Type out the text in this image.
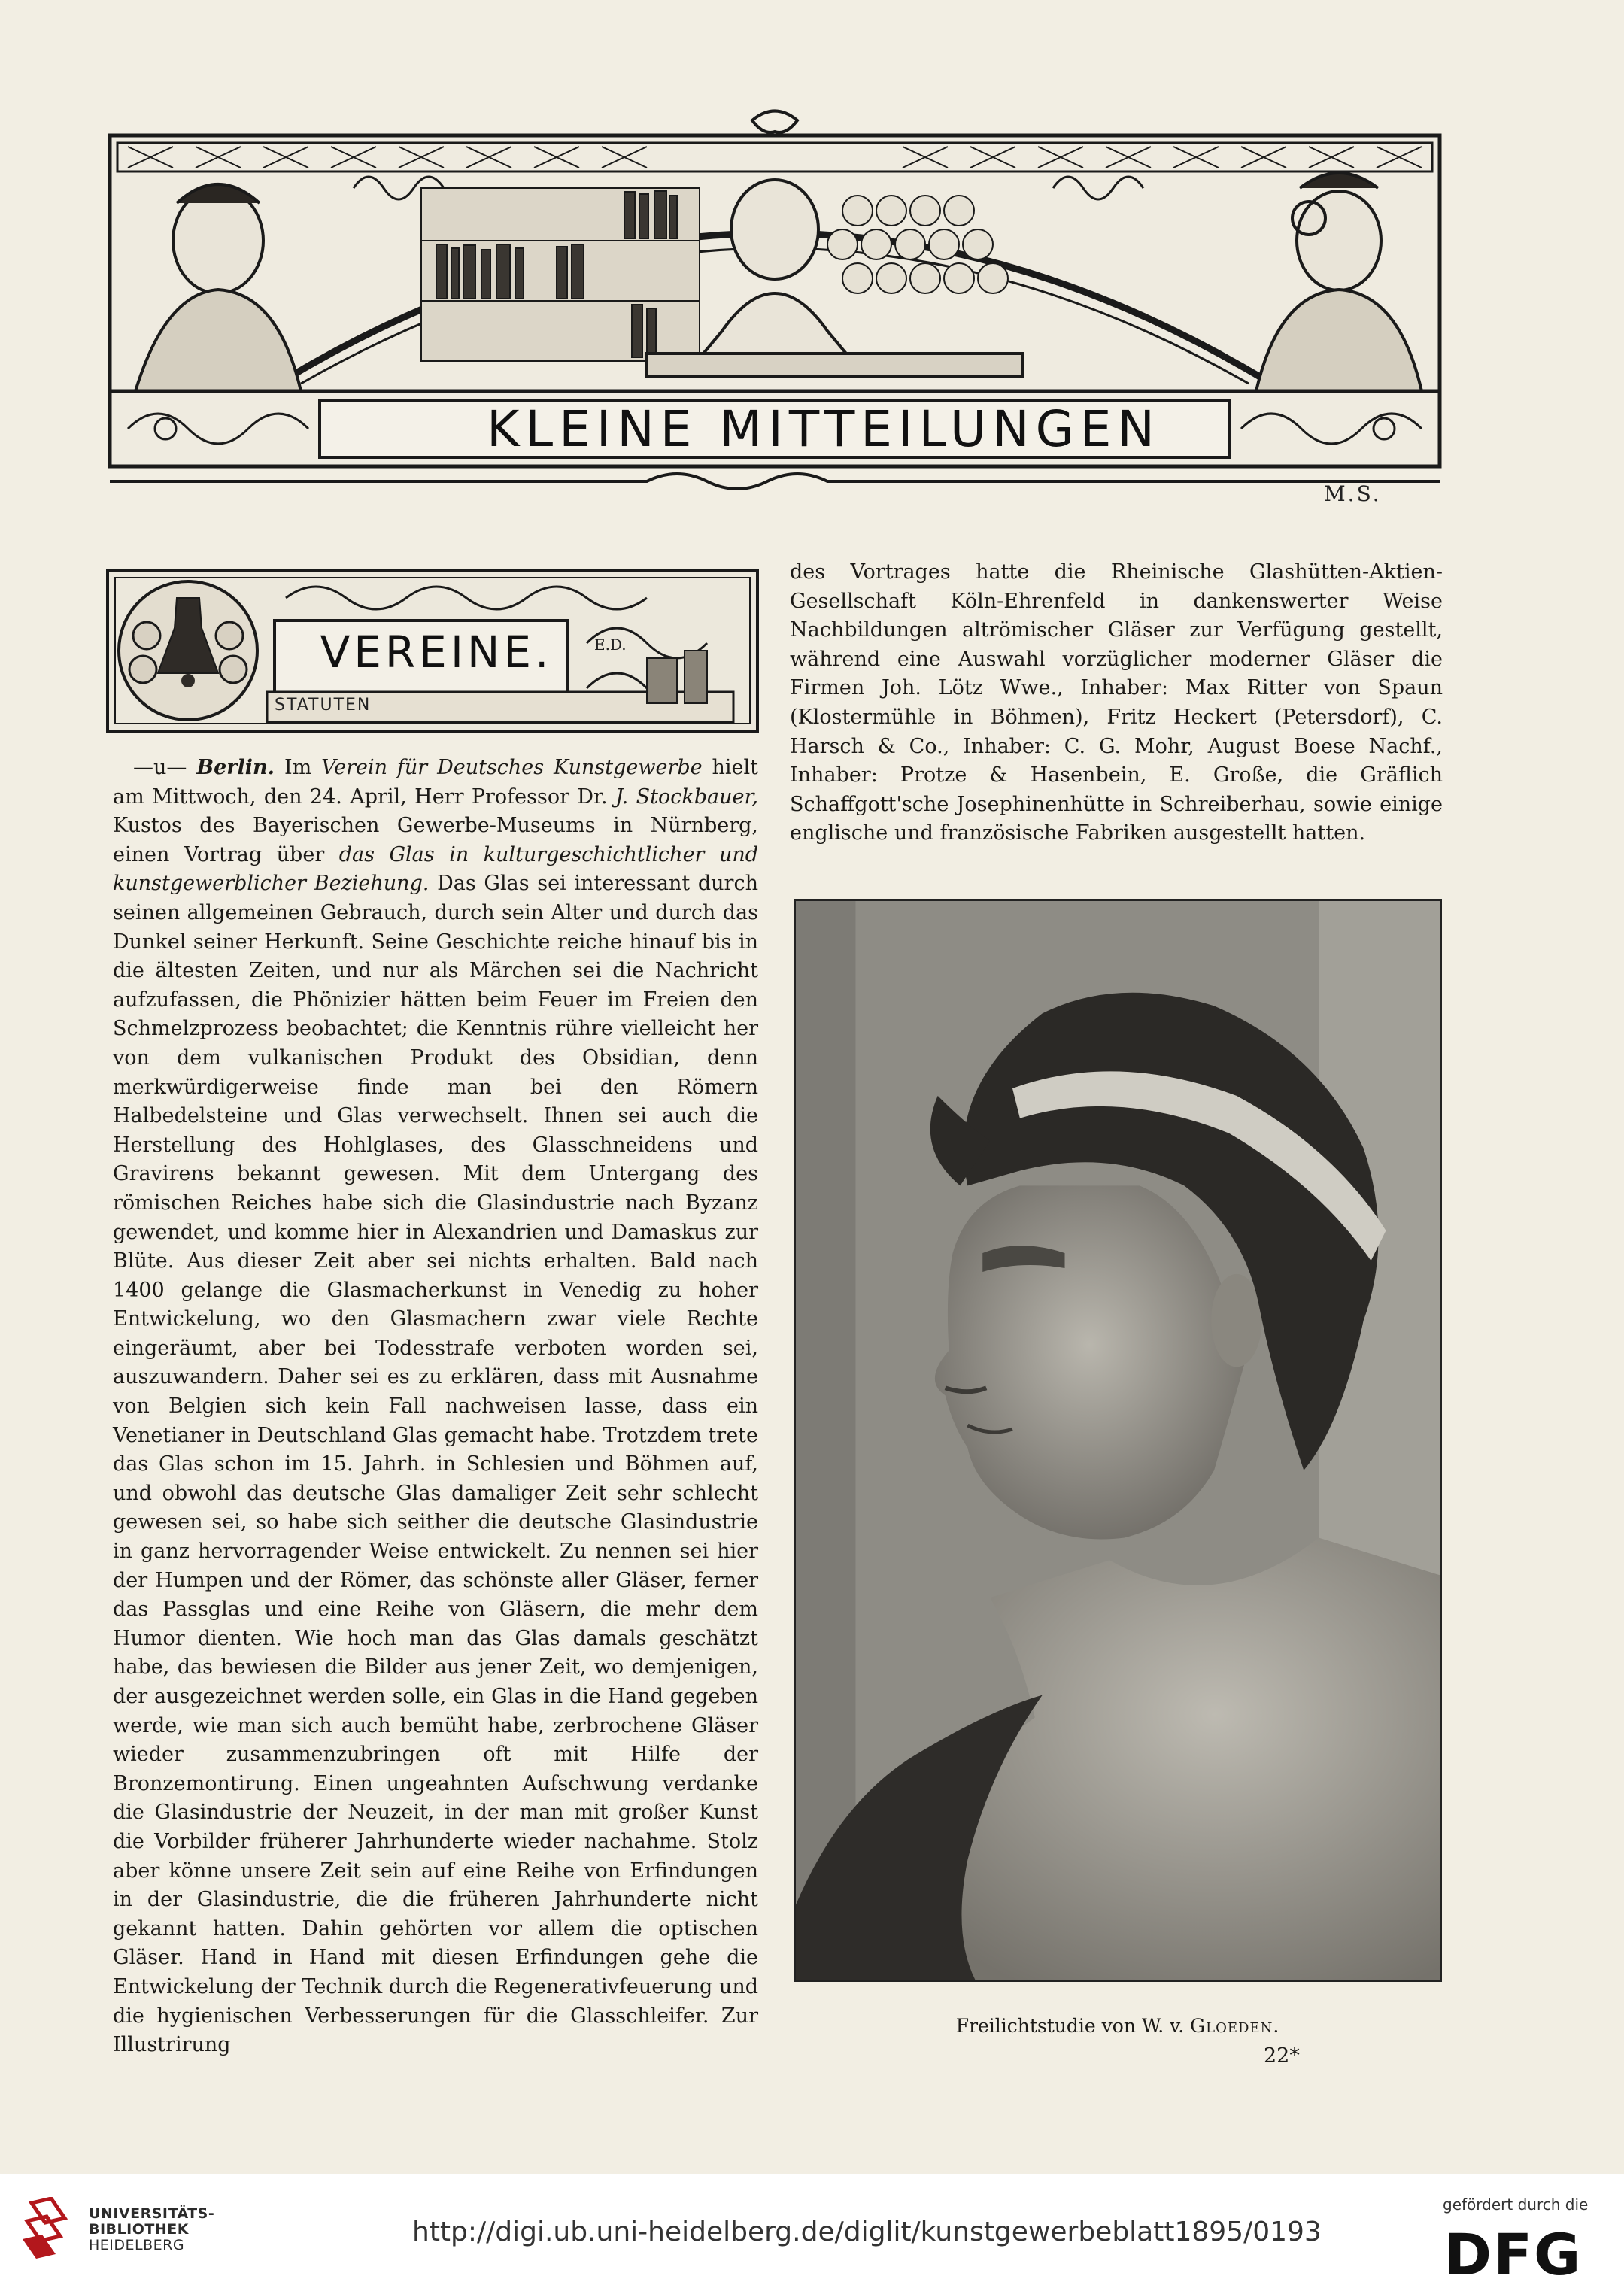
KLEINE MITTEILUNGEN
M.S.
VEREINE.
STATUTEN
E.D.

 —u— Berlin. Im Verein für Deutsches Kunstgewerbe hielt am Mittwoch, den 24. April, Herr Professor Dr. J. Stockbauer, Kustos des Bayerischen Gewerbe-Museums in Nürnberg, einen Vortrag über das Glas in kulturgeschichtlicher und kunstgewerblicher Beziehung. Das Glas sei interessant durch seinen allgemeinen Gebrauch, durch sein Alter und durch das Dunkel seiner Herkunft. Seine Geschichte reiche hinauf bis in die ältesten Zeiten, und nur als Märchen sei die Nachricht aufzufassen, die Phönizier hätten beim Feuer im Freien den Schmelzprozess beobachtet; die Kenntnis rühre vielleicht her von dem vulkanischen Produkt des Obsidian, denn merkwürdigerweise finde man bei den Römern Halbedelsteine und Glas verwechselt. Ihnen sei auch die Herstellung des Hohlglases, des Glasschneidens und Gravirens bekannt gewesen. Mit dem Untergang des römischen Reiches habe sich die Glasindustrie nach Byzanz gewendet, und komme hier in Alexandrien und Damaskus zur Blüte. Aus dieser Zeit aber sei nichts erhalten. Bald nach 1400 gelange die Glasmacherkunst in Venedig zu hoher Entwickelung, wo den Glasmachern zwar viele Rechte eingeräumt, aber bei Todesstrafe verboten worden sei, auszuwandern. Daher sei es zu erklären, dass mit Ausnahme von Belgien sich kein Fall nachweisen lasse, dass ein Venetianer in Deutschland Glas gemacht habe. Trotzdem trete das Glas schon im 15. Jahrh. in Schlesien und Böhmen auf, und obwohl das deutsche Glas damaliger Zeit sehr schlecht gewesen sei, so habe sich seither die deutsche Glasindustrie in ganz hervorragender Weise entwickelt. Zu nennen sei hier der Humpen und der Römer, das schönste aller Gläser, ferner das Passglas und eine Reihe von Gläsern, die mehr dem Humor dienten. Wie hoch man das Glas damals geschätzt habe, das bewiesen die Bilder aus jener Zeit, wo demjenigen, der ausgezeichnet werden solle, ein Glas in die Hand gegeben werde, wie man sich auch bemüht habe, zerbrochene Gläser wieder zusammenzubringen oft mit Hilfe der Bronzemontirung. Einen ungeahnten Aufschwung verdanke die Glasindustrie der Neuzeit, in der man mit großer Kunst die Vorbilder früherer Jahrhunderte wieder nachahme. Stolz aber könne unsere Zeit sein auf eine Reihe von Erfindungen in der Glasindustrie, die die früheren Jahrhunderte nicht gekannt hatten. Dahin gehörten vor allem die optischen Gläser. Hand in Hand mit diesen Erfindungen gehe die Entwickelung der Technik durch die Regenerativfeuerung und die hygienischen Verbesserungen für die Glasschleifer. Zur Illustrirung

des Vortrages hatte die Rheinische Glashütten-Aktien-Gesellschaft Köln-Ehrenfeld in dankenswerter Weise Nachbildungen altrömischer Gläser zur Verfügung gestellt, während eine Auswahl vorzüglicher moderner Gläser die Firmen Joh. Lötz Wwe., Inhaber: Max Ritter von Spaun (Klostermühle in Böhmen), Fritz Heckert (Petersdorf), C. Harsch & Co., Inhaber: C. G. Mohr, August Boese Nachf., Inhaber: Protze & Hasenbein, E. Große, die Gräflich Schaffgott'sche Josephinenhütte in Schreiberhau, sowie einige englische und französische Fabriken ausgestellt hatten.

Freilichtstudie von W. v. Gloeden.
22*
UNIVERSITÄTS-
BIBLIOTHEK
HEIDELBERG	http://digi.ub.uni-heidelberg.de/diglit/kunstgewerbeblatt1895/0193
gefördert durch die
DFG
